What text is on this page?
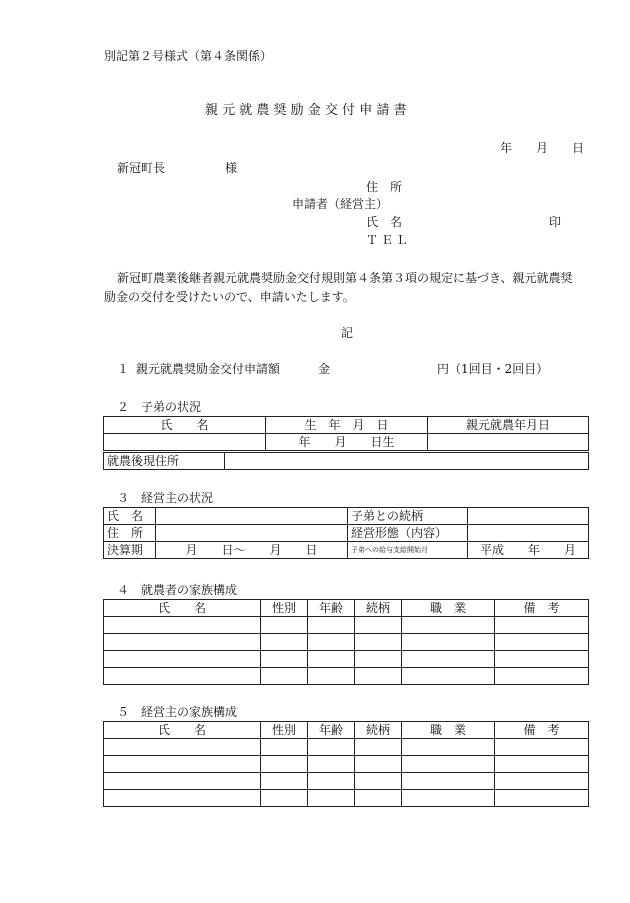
別記第２号様式（第４条関係）
親 元 就 農 奨 励 金 交 付 申 請 書
年　　月　　日
新冠町長　　　　　様
住　所
申請者（経営主）
氏　名	印
ＴＥＬ
新冠町農業後継者親元就農奨励金交付規則第４条第３項の規定に基づき、親元就農奨
励金の交付を受けたいので、申請いたします。
記
１ 親元就農奨励金交付申請額	金	円（1回目・2回目）
２　子弟の状況
氏　　名	生　年　月　日	親元就農年月日
	年　　月　　日生	
就農後現住所	
３　経営主の状況
氏　名		子弟との続柄	
住　所		経営形態（内容）	
決算期	月　　日〜　　月　　日	子弟への給与支給開始月	平成　　年　　月
４　就農者の家族構成
氏　　名	性別	年齢	続柄	職　業	備　考

５　経営主の家族構成
氏　　名	性別	年齢	続柄	職　業	備　考
